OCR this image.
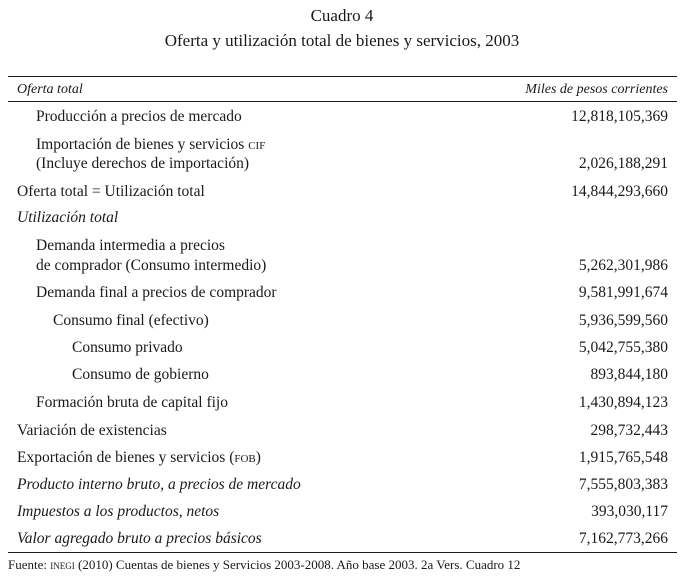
Cuadro 4
Oferta y utilización total de bienes y servicios, 2003
Oferta total	Miles de pesos corrientes
Producción a precios de mercado	12,818,105,369
Importación de bienes y servicios cif
(Incluye derechos de importación)	2,026,188,291
Oferta total = Utilización total	14,844,293,660
Utilización total
Demanda intermedia a precios
de comprador (Consumo intermedio)	5,262,301,986
Demanda final a precios de comprador	9,581,991,674
Consumo final (efectivo)	5,936,599,560
Consumo privado	5,042,755,380
Consumo de gobierno	893,844,180
Formación bruta de capital fijo	1,430,894,123
Variación de existencias	298,732,443
Exportación de bienes y servicios (fob)	1,915,765,548
Producto interno bruto, a precios de mercado	7,555,803,383
Impuestos a los productos, netos	393,030,117
Valor agregado bruto a precios básicos	7,162,773,266
Fuente: inegi (2010) Cuentas de bienes y Servicios 2003-2008. Año base 2003. 2a Vers. Cuadro 12
